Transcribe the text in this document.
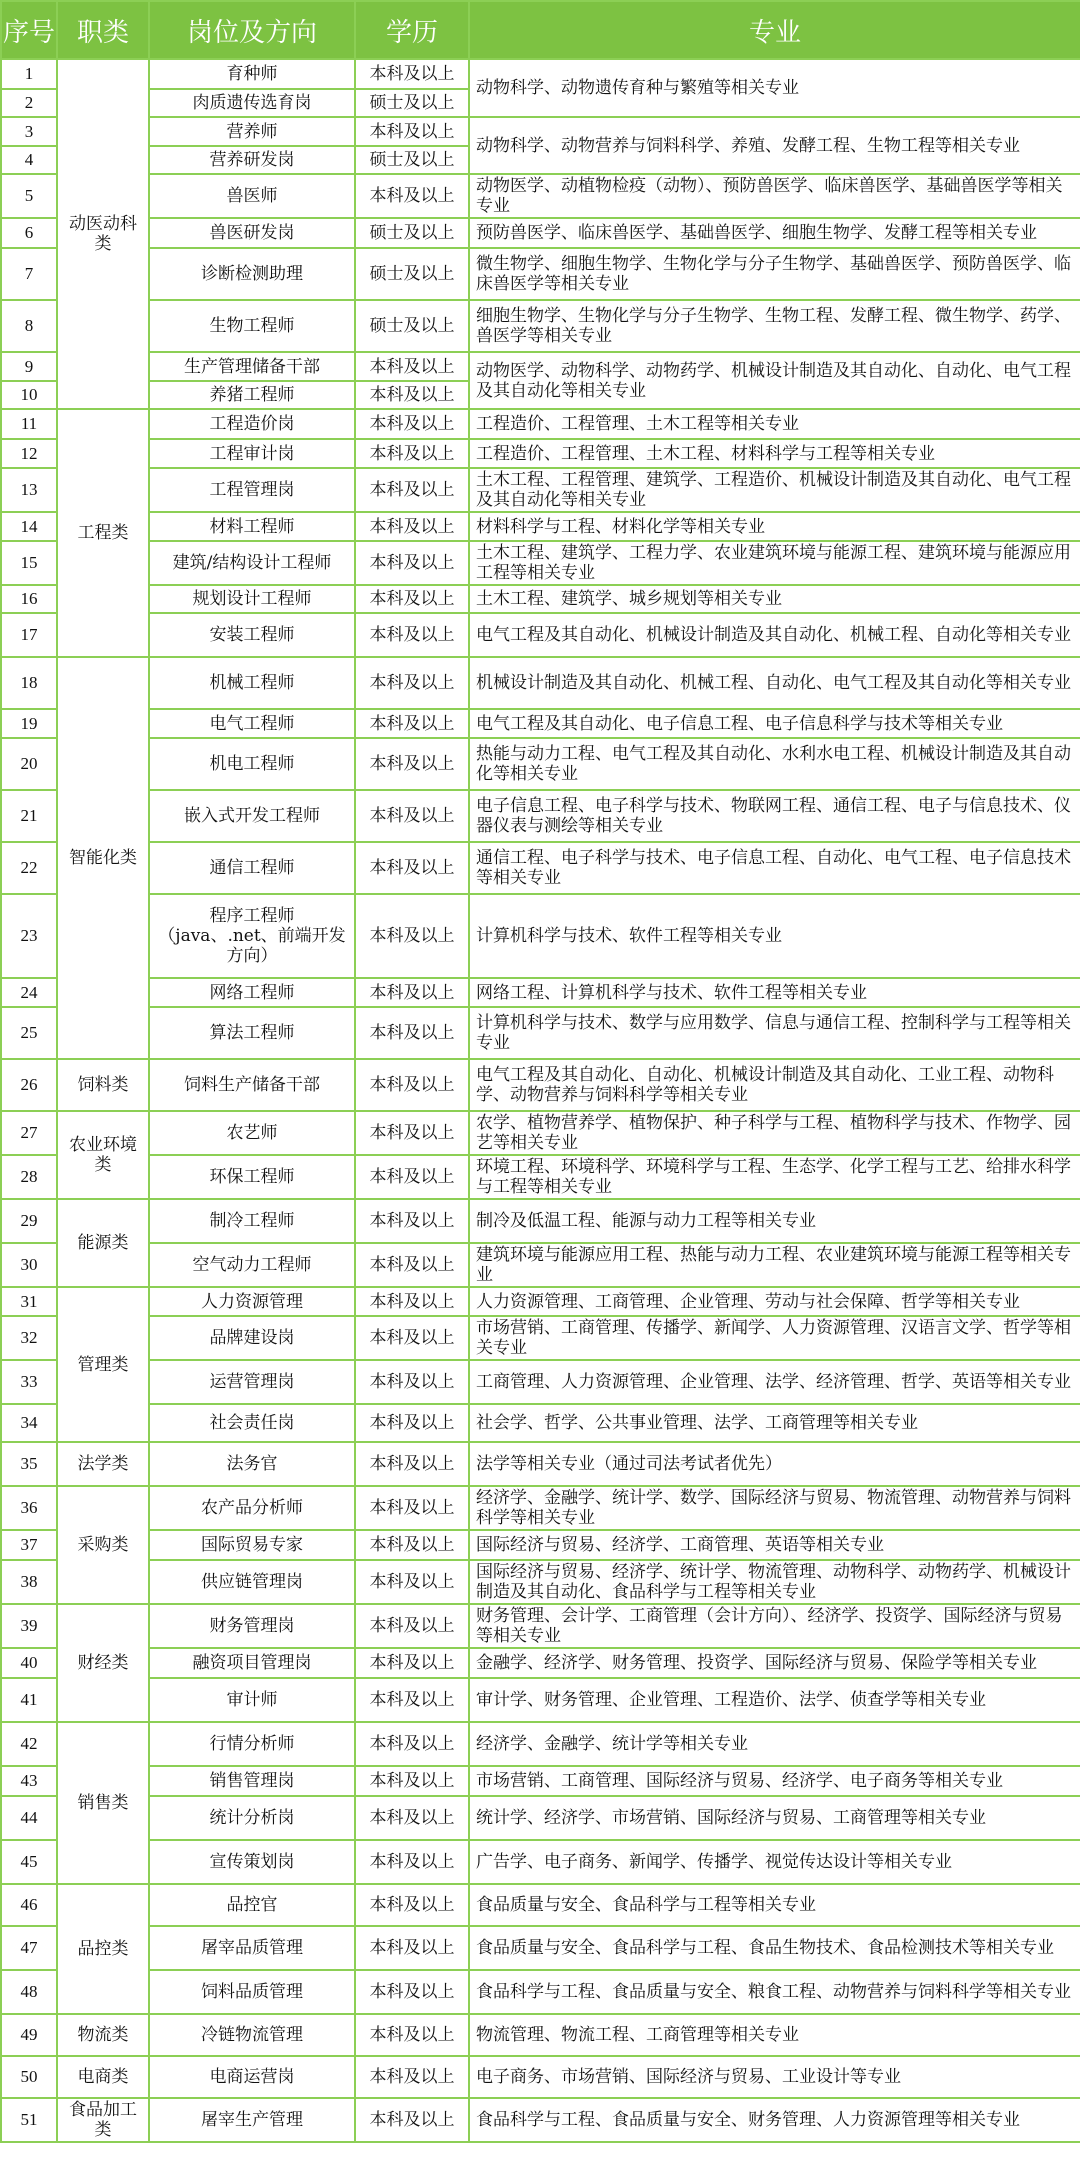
序号	职类	岗位及方向	学历	专业
1	动医动科类	育种师	本科及以上	动物科学、动物遗传育种与繁殖等相关专业
2		肉质遗传选育岗	硕士及以上	
3		营养师	本科及以上	动物科学、动物营养与饲料科学、养殖、发酵工程、生物工程等相关专业
4		营养研发岗	硕士及以上	
5		兽医师	本科及以上	动物医学、动植物检疫（动物）、预防兽医学、临床兽医学、基础兽医学等相关专业
6		兽医研发岗	硕士及以上	预防兽医学、临床兽医学、基础兽医学、细胞生物学、发酵工程等相关专业
7		诊断检测助理	硕士及以上	微生物学、细胞生物学、生物化学与分子生物学、基础兽医学、预防兽医学、临床兽医学等相关专业
8		生物工程师	硕士及以上	细胞生物学、生物化学与分子生物学、生物工程、发酵工程、微生物学、药学、兽医学等相关专业
9		生产管理储备干部	本科及以上	动物医学、动物科学、动物药学、机械设计制造及其自动化、自动化、电气工程及其自动化等相关专业
10		养猪工程师	本科及以上	
11	工程类	工程造价岗	本科及以上	工程造价、工程管理、土木工程等相关专业
12		工程审计岗	本科及以上	工程造价、工程管理、土木工程、材料科学与工程等相关专业
13		工程管理岗	本科及以上	土木工程、工程管理、建筑学、工程造价、机械设计制造及其自动化、电气工程及其自动化等相关专业
14		材料工程师	本科及以上	材料科学与工程、材料化学等相关专业
15		建筑/结构设计工程师	本科及以上	土木工程、建筑学、工程力学、农业建筑环境与能源工程、建筑环境与能源应用工程等相关专业
16		规划设计工程师	本科及以上	土木工程、建筑学、城乡规划等相关专业
17		安装工程师	本科及以上	电气工程及其自动化、机械设计制造及其自动化、机械工程、自动化等相关专业
18	智能化类	机械工程师	本科及以上	机械设计制造及其自动化、机械工程、自动化、电气工程及其自动化等相关专业
19		电气工程师	本科及以上	电气工程及其自动化、电子信息工程、电子信息科学与技术等相关专业
20		机电工程师	本科及以上	热能与动力工程、电气工程及其自动化、水利水电工程、机械设计制造及其自动化等相关专业
21		嵌入式开发工程师	本科及以上	电子信息工程、电子科学与技术、物联网工程、通信工程、电子与信息技术、仪器仪表与测绘等相关专业
22		通信工程师	本科及以上	通信工程、电子科学与技术、电子信息工程、自动化、电气工程、电子信息技术等相关专业
23		程序工程师（java、.net、前端开发方向）	本科及以上	计算机科学与技术、软件工程等相关专业
24		网络工程师	本科及以上	网络工程、计算机科学与技术、软件工程等相关专业
25		算法工程师	本科及以上	计算机科学与技术、数学与应用数学、信息与通信工程、控制科学与工程等相关专业
26	饲料类	饲料生产储备干部	本科及以上	电气工程及其自动化、自动化、机械设计制造及其自动化、工业工程、动物科学、动物营养与饲料科学等相关专业
27	农业环境类	农艺师	本科及以上	农学、植物营养学、植物保护、种子科学与工程、植物科学与技术、作物学、园艺等相关专业
28		环保工程师	本科及以上	环境工程、环境科学、环境科学与工程、生态学、化学工程与工艺、给排水科学与工程等相关专业
29	能源类	制冷工程师	本科及以上	制冷及低温工程、能源与动力工程等相关专业
30		空气动力工程师	本科及以上	建筑环境与能源应用工程、热能与动力工程、农业建筑环境与能源工程等相关专业
31	管理类	人力资源管理	本科及以上	人力资源管理、工商管理、企业管理、劳动与社会保障、哲学等相关专业
32		品牌建设岗	本科及以上	市场营销、工商管理、传播学、新闻学、人力资源管理、汉语言文学、哲学等相关专业
33		运营管理岗	本科及以上	工商管理、人力资源管理、企业管理、法学、经济管理、哲学、英语等相关专业
34		社会责任岗	本科及以上	社会学、哲学、公共事业管理、法学、工商管理等相关专业
35	法学类	法务官	本科及以上	法学等相关专业（通过司法考试者优先）
36	采购类	农产品分析师	本科及以上	经济学、金融学、统计学、数学、国际经济与贸易、物流管理、动物营养与饲料科学等相关专业
37		国际贸易专家	本科及以上	国际经济与贸易、经济学、工商管理、英语等相关专业
38		供应链管理岗	本科及以上	国际经济与贸易、经济学、统计学、物流管理、动物科学、动物药学、机械设计制造及其自动化、食品科学与工程等相关专业
39	财经类	财务管理岗	本科及以上	财务管理、会计学、工商管理（会计方向）、经济学、投资学、国际经济与贸易等相关专业
40		融资项目管理岗	本科及以上	金融学、经济学、财务管理、投资学、国际经济与贸易、保险学等相关专业
41		审计师	本科及以上	审计学、财务管理、企业管理、工程造价、法学、侦查学等相关专业
42	销售类	行情分析师	本科及以上	经济学、金融学、统计学等相关专业
43		销售管理岗	本科及以上	市场营销、工商管理、国际经济与贸易、经济学、电子商务等相关专业
44		统计分析岗	本科及以上	统计学、经济学、市场营销、国际经济与贸易、工商管理等相关专业
45		宣传策划岗	本科及以上	广告学、电子商务、新闻学、传播学、视觉传达设计等相关专业
46	品控类	品控官	本科及以上	食品质量与安全、食品科学与工程等相关专业
47		屠宰品质管理	本科及以上	食品质量与安全、食品科学与工程、食品生物技术、食品检测技术等相关专业
48		饲料品质管理	本科及以上	食品科学与工程、食品质量与安全、粮食工程、动物营养与饲料科学等相关专业
49	物流类	冷链物流管理	本科及以上	物流管理、物流工程、工商管理等相关专业
50	电商类	电商运营岗	本科及以上	电子商务、市场营销、国际经济与贸易、工业设计等专业
51	食品加工类	屠宰生产管理	本科及以上	食品科学与工程、食品质量与安全、财务管理、人力资源管理等相关专业
